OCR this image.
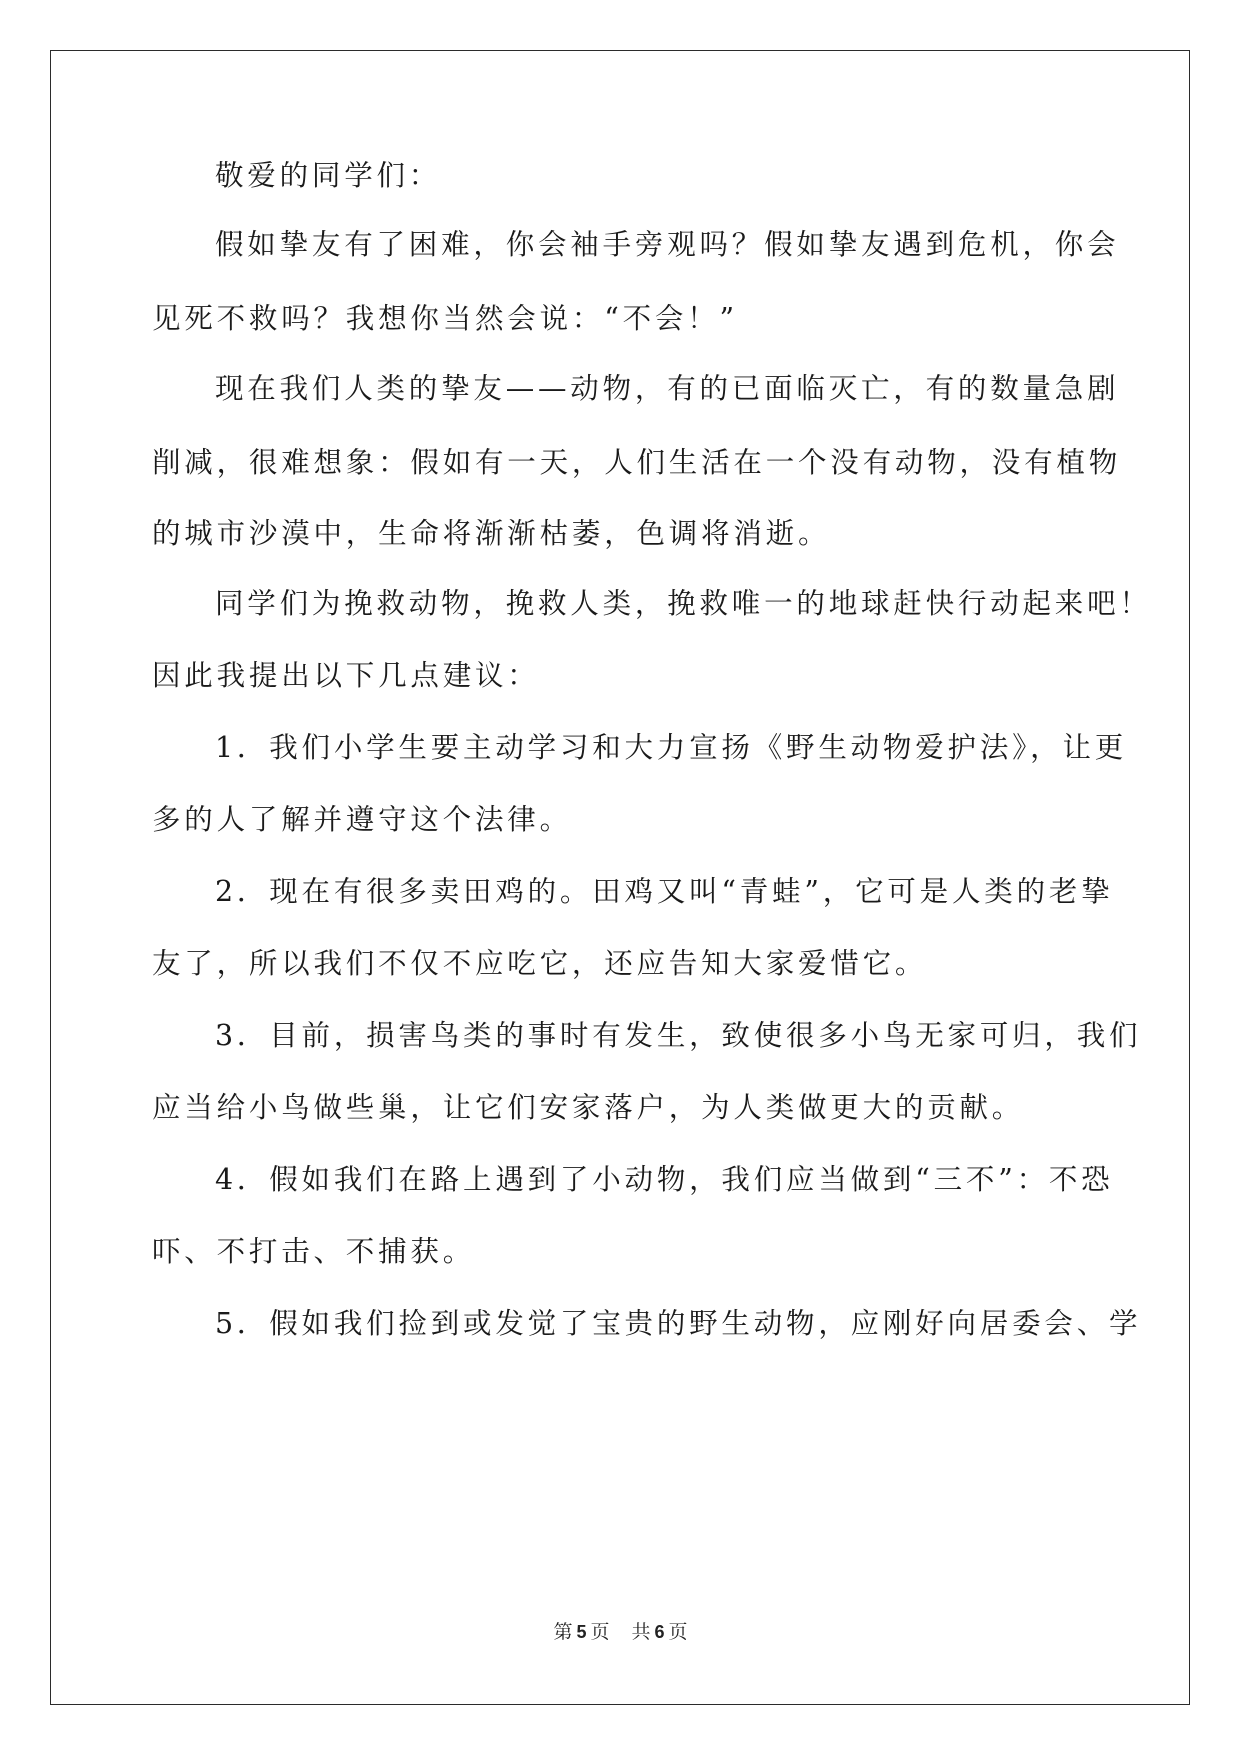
敬爱的同学们：

假如挚友有了困难，你会袖手旁观吗？假如挚友遇到危机，你会

见死不救吗？我想你当然会说：“不会！”

现在我们人类的挚友——动物，有的已面临灭亡，有的数量急剧

削减，很难想象：假如有一天，人们生活在一个没有动物，没有植物

的城市沙漠中，生命将渐渐枯萎，色调将消逝。

同学们为挽救动物，挽救人类，挽救唯一的地球赶快行动起来吧！

因此我提出以下几点建议：

1．我们小学生要主动学习和大力宣扬《野生动物爱护法》，让更

多的人了解并遵守这个法律。

2．现在有很多卖田鸡的。田鸡又叫“青蛙”，它可是人类的老挚

友了，所以我们不仅不应吃它，还应告知大家爱惜它。

3．目前，损害鸟类的事时有发生，致使很多小鸟无家可归，我们

应当给小鸟做些巢，让它们安家落户，为人类做更大的贡献。

4．假如我们在路上遇到了小动物，我们应当做到“三不”：不恐

吓、不打击、不捕获。

5．假如我们捡到或发觉了宝贵的野生动物，应刚好向居委会、学

第 5 页 共 6 页
